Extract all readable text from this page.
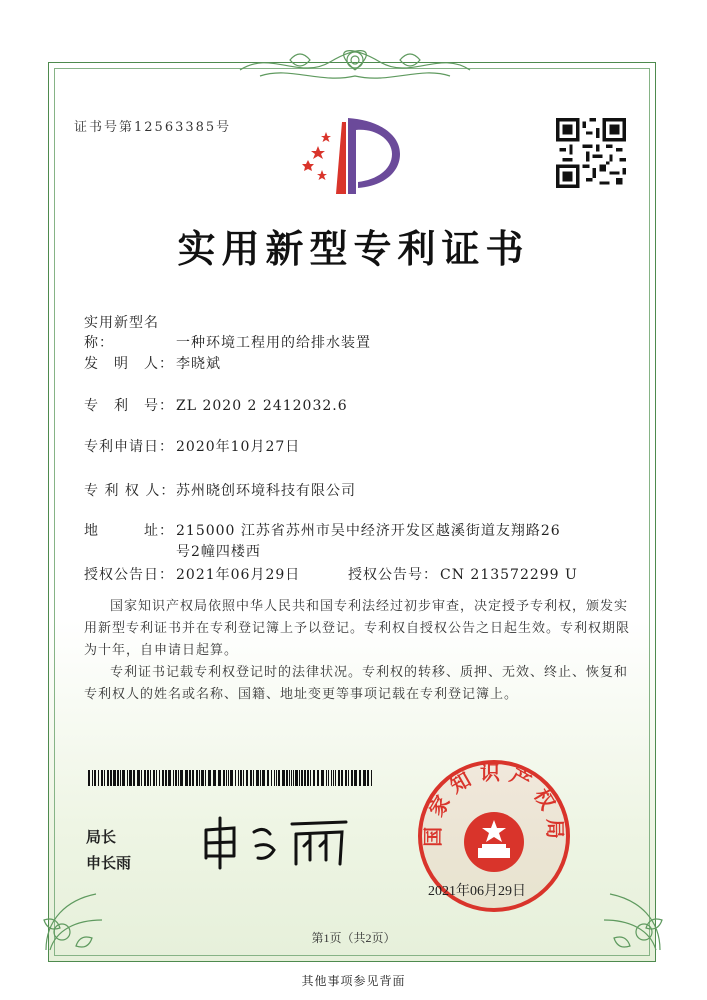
证书号第12563385号
实用新型专利证书
实用新型名称：	一种环境工程用的给排水装置
发　明　人： 李晓斌
专　利　号： ZL 2020 2 2412032.6
专利申请日： 2020年10月27日
专 利 权 人：苏州晓创环境科技有限公司
地　　　址： 215000 江苏省苏州市吴中经济开发区越溪街道友翔路26
号2幢四楼西
授权公告日： 2021年06月29日	授权公告号： CN 213572299 U

国家知识产权局依照中华人民共和国专利法经过初步审查，决定授予专利权，颁发实用新型专利证书并在专利登记簿上予以登记。专利权自授权公告之日起生效。专利权期限为十年，自申请日起算。

专利证书记载专利权登记时的法律状况。专利权的转移、质押、无效、终止、恢复和专利权人的姓名或名称、国籍、地址变更等事项记载在专利登记簿上。

局长
申长雨
国家知识产权局
2021年06月29日
第1页（共2页）
其他事项参见背面
